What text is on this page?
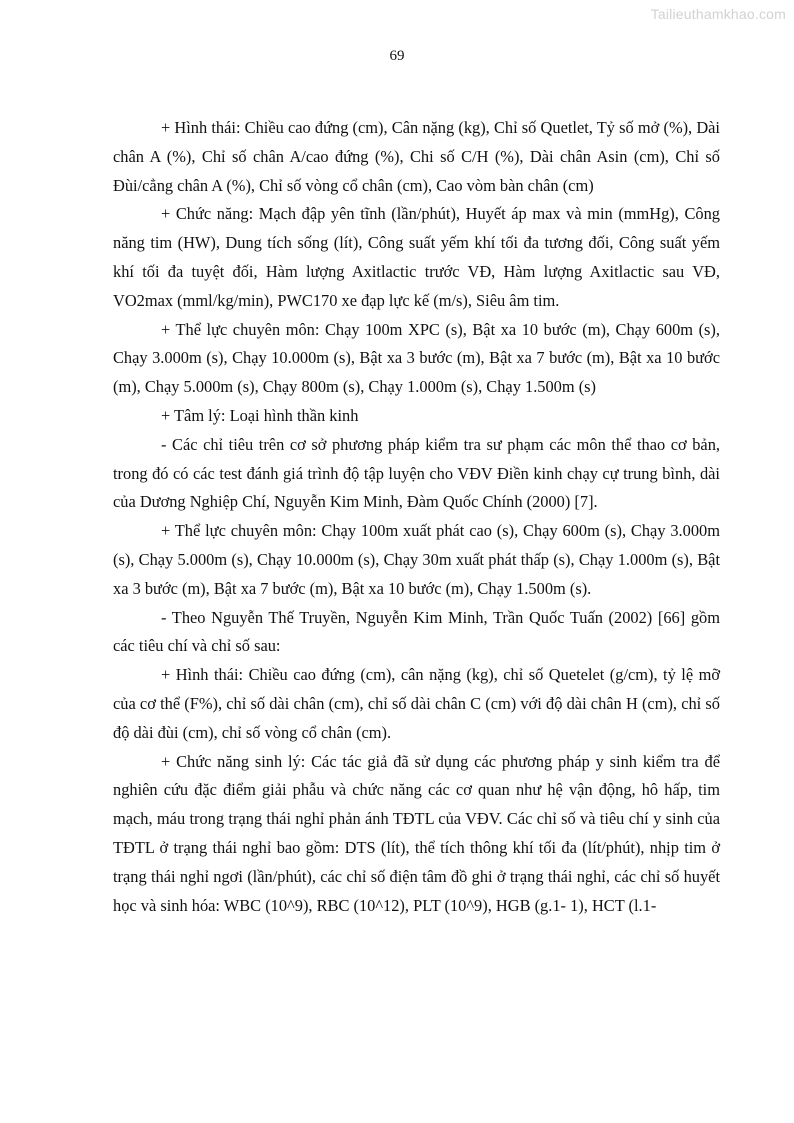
Tailieuthamkhao.com
69

+ Hình thái: Chiều cao đứng (cm), Cân nặng (kg), Chỉ số Quetlet, Tỷ số mở (%), Dài chân A (%), Chỉ số chân A/cao đứng (%), Chi số C/H (%), Dài chân Asin (cm), Chỉ số Đùi/cẳng chân A (%), Chỉ số vòng cổ chân (cm), Cao vòm bàn chân (cm)

+ Chức năng: Mạch đập yên tĩnh (lần/phút), Huyết áp max và min (mmHg), Công năng tim (HW), Dung tích sống (lít), Công suất yếm khí tối đa tương đối, Công suất yếm khí tối đa tuyệt đối, Hàm lượng Axitlactic trước VĐ, Hàm lượng Axitlactic sau VĐ, VO2max (mml/kg/min), PWC170 xe đạp lực kế (m/s), Siêu âm tim.

+ Thể lực chuyên môn: Chạy 100m XPC (s), Bật xa 10 bước (m), Chạy 600m (s), Chạy 3.000m (s), Chạy 10.000m (s), Bật xa 3 bước (m), Bật xa 7 bước (m), Bật xa 10 bước (m), Chạy 5.000m (s), Chạy 800m (s), Chạy 1.000m (s), Chạy 1.500m (s)

+ Tâm lý: Loại hình thần kinh

- Các chỉ tiêu trên cơ sở phương pháp kiểm tra sư phạm các môn thể thao cơ bản, trong đó có các test đánh giá trình độ tập luyện cho VĐV Điền kinh chạy cự trung bình, dài của Dương Nghiệp Chí, Nguyễn Kim Minh, Đàm Quốc Chính (2000) [7].

+ Thể lực chuyên môn: Chạy 100m xuất phát cao (s), Chạy 600m (s), Chạy 3.000m (s), Chạy 5.000m (s), Chạy 10.000m (s), Chạy 30m xuất phát thấp (s), Chạy 1.000m (s), Bật xa 3 bước (m), Bật xa 7 bước (m), Bật xa 10 bước (m), Chạy 1.500m (s).

- Theo Nguyễn Thế Truyền, Nguyễn Kim Minh, Trần Quốc Tuấn (2002) [66] gồm các tiêu chí và chỉ số sau:

+ Hình thái: Chiều cao đứng (cm), cân nặng (kg), chỉ số Quetelet (g/cm), tỷ lệ mỡ của cơ thể (F%), chỉ số dài chân (cm), chỉ số dài chân C (cm) với độ dài chân H (cm), chỉ số độ dài đùi (cm), chỉ số vòng cổ chân (cm).

+ Chức năng sinh lý: Các tác giả đã sử dụng các phương pháp y sinh kiểm tra để nghiên cứu đặc điểm giải phẫu và chức năng các cơ quan như hệ vận động, hô hấp, tim mạch, máu trong trạng thái nghỉ phản ánh TĐTL của VĐV. Các chỉ số và tiêu chí y sinh của TĐTL ở trạng thái nghỉ bao gồm: DTS (lít), thể tích thông khí tối đa (lít/phút), nhịp tim ở trạng thái nghỉ ngơi (lần/phút), các chỉ số điện tâm đồ ghi ở trạng thái nghỉ, các chỉ số huyết học và sinh hóa: WBC (10^9), RBC (10^12), PLT (10^9), HGB (g.1- 1), HCT (l.1-
